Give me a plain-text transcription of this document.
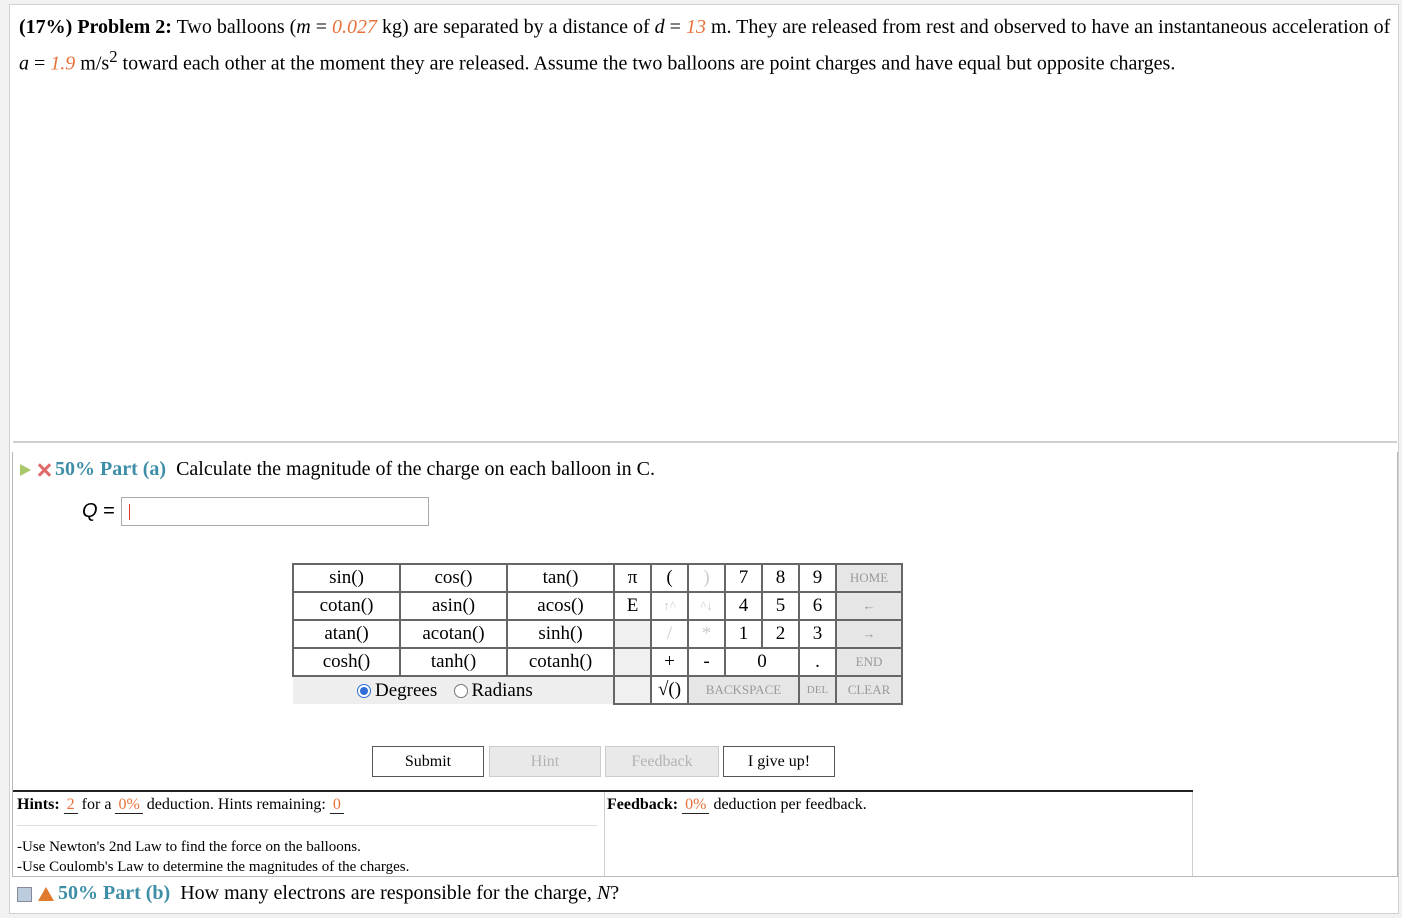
(17%) Problem 2: Two balloons (m = 0.027 kg) are separated by a distance of d = 13 m. They are released from rest and observed to have an instantaneous acceleration of a = 1.9 $m/s^2$ toward each other at the moment they are released. Assume the two balloons are point charges and have equal but opposite charges.
50% Part (a) Calculate the magnitude of the charge on each balloon in C.
Q =
sin()	cos()	tan()	π	(	)	7	8	9	HOME
cotan()	asin()	acos()	E	↑^	^↓	4	5	6	←
atan()	acotan()	sinh()		/	*	1	2	3	→
cosh()	tanh()	cotanh()		+	-	0		.	END
Degrees Radians				√()	BACKSPACE			DEL	CLEAR
Submit	Hint	Feedback	I give up!
Hints: 2 for a 0% deduction. Hints remaining: 0	Feedback: 0% deduction per feedback.
-Use Newton's 2nd Law to find the force on the balloons.
-Use Coulomb's Law to determine the magnitudes of the charges.
50% Part (b) How many electrons are responsible for the charge, N?
